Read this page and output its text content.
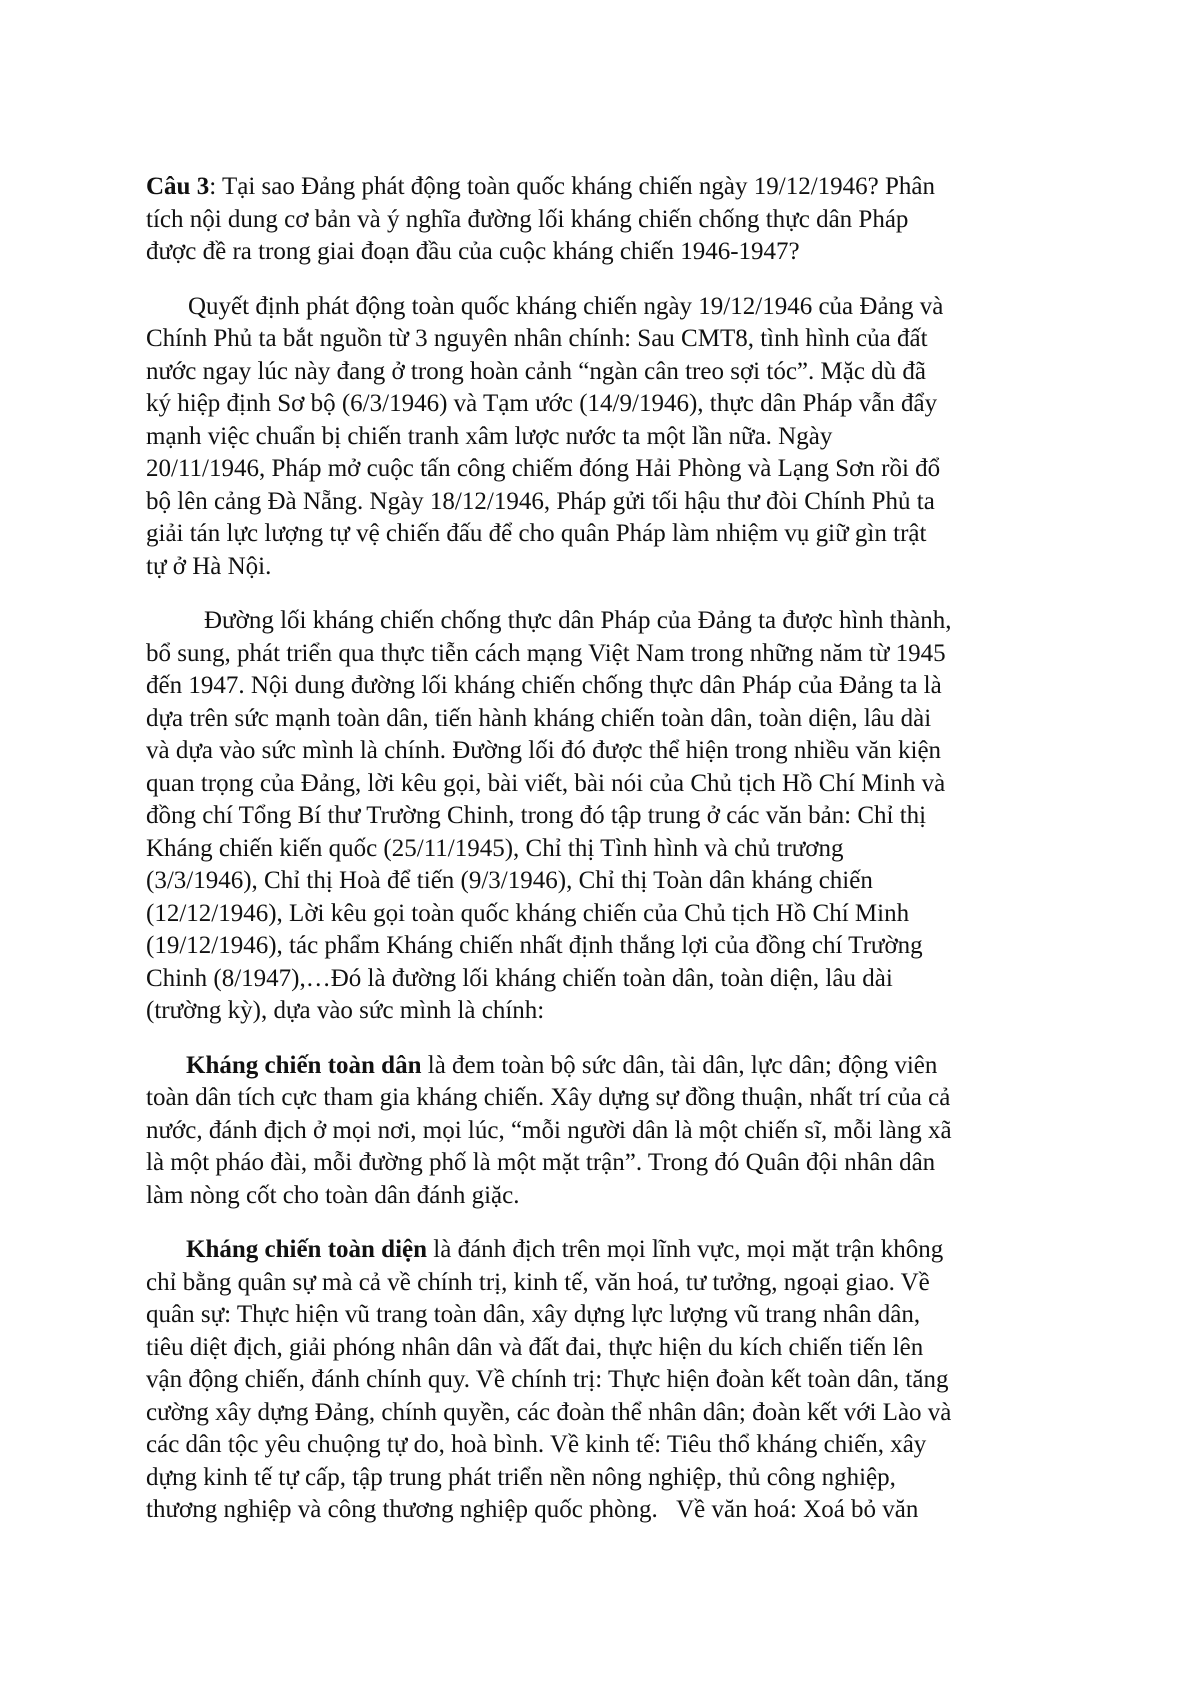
Câu 3: Tại sao Đảng phát động toàn quốc kháng chiến ngày 19/12/1946? Phân
tích nội dung cơ bản và ý nghĩa đường lối kháng chiến chống thực dân Pháp
được đề ra trong giai đoạn đầu của cuộc kháng chiến 1946-1947?

Quyết định phát động toàn quốc kháng chiến ngày 19/12/1946 của Đảng và
Chính Phủ ta bắt nguồn từ 3 nguyên nhân chính: Sau CMT8, tình hình của đất
nước ngay lúc này đang ở trong hoàn cảnh “ngàn cân treo sợi tóc”. Mặc dù đã
ký hiệp định Sơ bộ (6/3/1946) và Tạm ước (14/9/1946), thực dân Pháp vẫn đẩy
mạnh việc chuẩn bị chiến tranh xâm lược nước ta một lần nữa. Ngày
20/11/1946, Pháp mở cuộc tấn công chiếm đóng Hải Phòng và Lạng Sơn rồi đổ
bộ lên cảng Đà Nẵng. Ngày 18/12/1946, Pháp gửi tối hậu thư đòi Chính Phủ ta
giải tán lực lượng tự vệ chiến đấu để cho quân Pháp làm nhiệm vụ giữ gìn trật
tự ở Hà Nội.

Đường lối kháng chiến chống thực dân Pháp của Đảng ta được hình thành,
bổ sung, phát triển qua thực tiễn cách mạng Việt Nam trong những năm từ 1945
đến 1947. Nội dung đường lối kháng chiến chống thực dân Pháp của Đảng ta là
dựa trên sức mạnh toàn dân, tiến hành kháng chiến toàn dân, toàn diện, lâu dài
và dựa vào sức mình là chính. Đường lối đó được thể hiện trong nhiều văn kiện
quan trọng của Đảng, lời kêu gọi, bài viết, bài nói của Chủ tịch Hồ Chí Minh và
đồng chí Tổng Bí thư Trường Chinh, trong đó tập trung ở các văn bản: Chỉ thị
Kháng chiến kiến quốc (25/11/1945), Chỉ thị Tình hình và chủ trương
(3/3/1946), Chỉ thị Hoà để tiến (9/3/1946), Chỉ thị Toàn dân kháng chiến
(12/12/1946), Lời kêu gọi toàn quốc kháng chiến của Chủ tịch Hồ Chí Minh
(19/12/1946), tác phẩm Kháng chiến nhất định thắng lợi của đồng chí Trường
Chinh (8/1947),…Đó là đường lối kháng chiến toàn dân, toàn diện, lâu dài
(trường kỳ), dựa vào sức mình là chính:

Kháng chiến toàn dân là đem toàn bộ sức dân, tài dân, lực dân; động viên
toàn dân tích cực tham gia kháng chiến. Xây dựng sự đồng thuận, nhất trí của cả
nước, đánh địch ở mọi nơi, mọi lúc, “mỗi người dân là một chiến sĩ, mỗi làng xã
là một pháo đài, mỗi đường phố là một mặt trận”. Trong đó Quân đội nhân dân
làm nòng cốt cho toàn dân đánh giặc.

Kháng chiến toàn diện là đánh địch trên mọi lĩnh vực, mọi mặt trận không
chỉ bằng quân sự mà cả về chính trị, kinh tế, văn hoá, tư tưởng, ngoại giao. Về
quân sự: Thực hiện vũ trang toàn dân, xây dựng lực lượng vũ trang nhân dân,
tiêu diệt địch, giải phóng nhân dân và đất đai, thực hiện du kích chiến tiến lên
vận động chiến, đánh chính quy. Về chính trị: Thực hiện đoàn kết toàn dân, tăng
cường xây dựng Đảng, chính quyền, các đoàn thể nhân dân; đoàn kết với Lào và
các dân tộc yêu chuộng tự do, hoà bình. Về kinh tế: Tiêu thổ kháng chiến, xây
dựng kinh tế tự cấp, tập trung phát triển nền nông nghiệp, thủ công nghiệp,
thương nghiệp và công thương nghiệp quốc phòng.   Về văn hoá: Xoá bỏ văn
